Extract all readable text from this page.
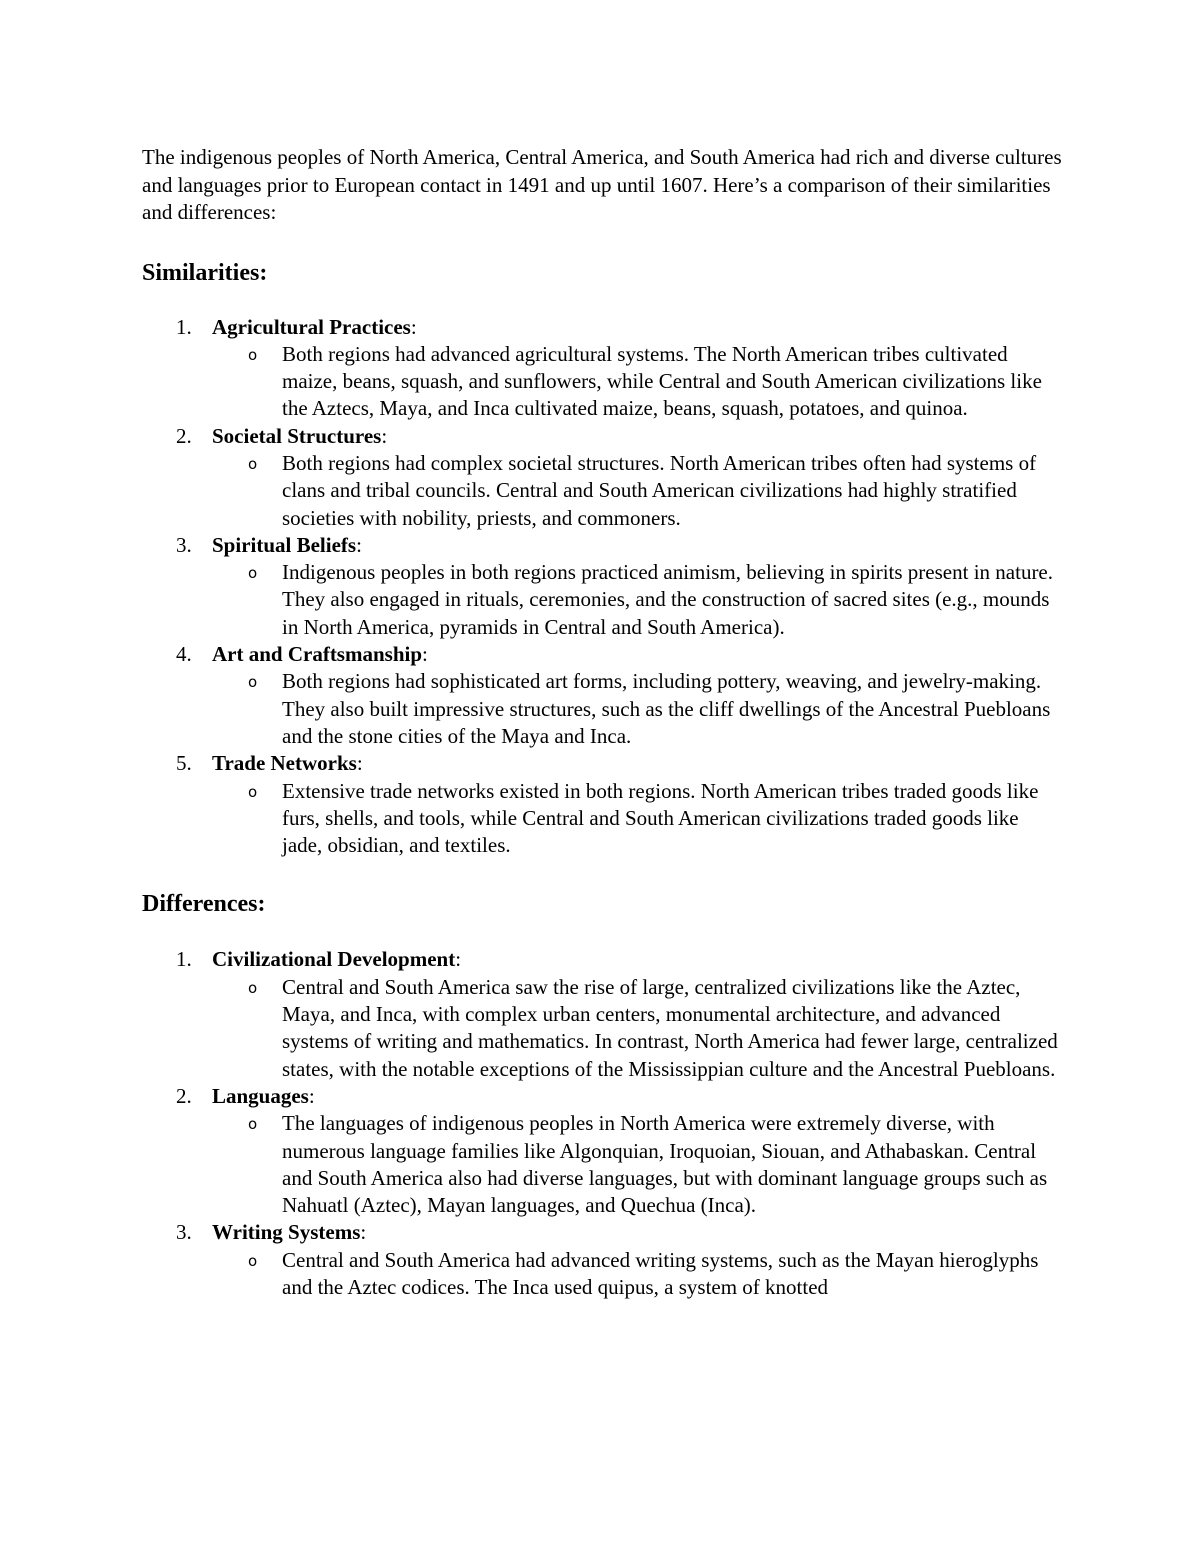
The indigenous peoples of North America, Central America, and South America had rich and diverse cultures and languages prior to European contact in 1491 and up until 1607. Here’s a comparison of their similarities and differences:

Similarities:
1. Agricultural Practices:
o Both regions had advanced agricultural systems. The North American tribes cultivated maize, beans, squash, and sunflowers, while Central and South American civilizations like the Aztecs, Maya, and Inca cultivated maize, beans, squash, potatoes, and quinoa.
2. Societal Structures:
o Both regions had complex societal structures. North American tribes often had systems of clans and tribal councils. Central and South American civilizations had highly stratified societies with nobility, priests, and commoners.
3. Spiritual Beliefs:
o Indigenous peoples in both regions practiced animism, believing in spirits present in nature. They also engaged in rituals, ceremonies, and the construction of sacred sites (e.g., mounds in North America, pyramids in Central and South America).
4. Art and Craftsmanship:
o Both regions had sophisticated art forms, including pottery, weaving, and jewelry-making. They also built impressive structures, such as the cliff dwellings of the Ancestral Puebloans and the stone cities of the Maya and Inca.
5. Trade Networks:
o Extensive trade networks existed in both regions. North American tribes traded goods like furs, shells, and tools, while Central and South American civilizations traded goods like jade, obsidian, and textiles.
Differences:
1. Civilizational Development:
o Central and South America saw the rise of large, centralized civilizations like the Aztec, Maya, and Inca, with complex urban centers, monumental architecture, and advanced systems of writing and mathematics. In contrast, North America had fewer large, centralized states, with the notable exceptions of the Mississippian culture and the Ancestral Puebloans.
2. Languages:
o The languages of indigenous peoples in North America were extremely diverse, with numerous language families like Algonquian, Iroquoian, Siouan, and Athabaskan. Central and South America also had diverse languages, but with dominant language groups such as Nahuatl (Aztec), Mayan languages, and Quechua (Inca).
3. Writing Systems:
o Central and South America had advanced writing systems, such as the Mayan hieroglyphs and the Aztec codices. The Inca used quipus, a system of knotted
